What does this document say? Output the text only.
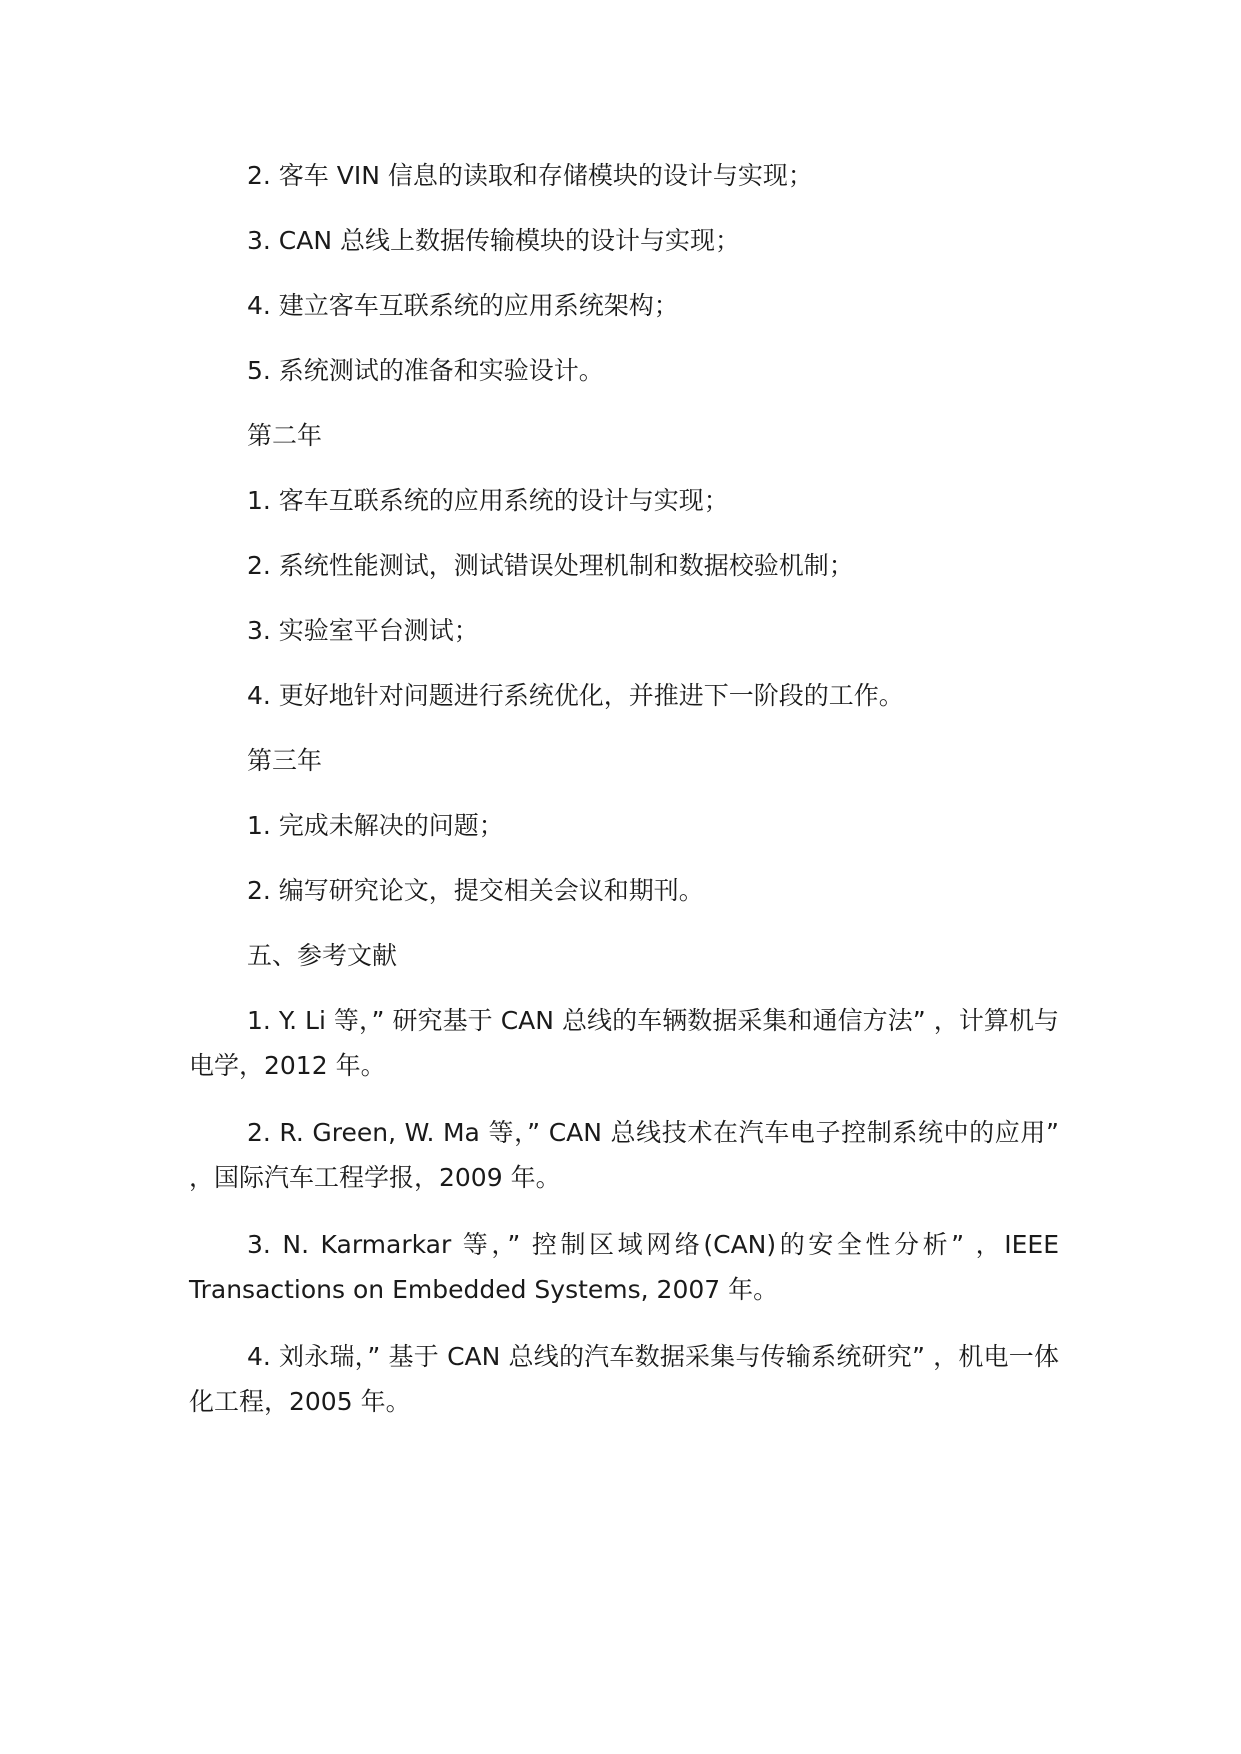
2. 客车 VIN 信息的读取和存储模块的设计与实现；
3. CAN 总线上数据传输模块的设计与实现；
4. 建立客车互联系统的应用系统架构；
5. 系统测试的准备和实验设计。
第二年
1. 客车互联系统的应用系统的设计与实现；
2. 系统性能测试，测试错误处理机制和数据校验机制；
3. 实验室平台测试；
4. 更好地针对问题进行系统优化，并推进下一阶段的工作。
第三年
1. 完成未解决的问题；
2. 编写研究论文，提交相关会议和期刊。
五、参考文献
1. Y. Li 等，” 研究基于 CAN 总线的车辆数据采集和通信方法” ，计算机与电学，2012 年。
2. R. Green, W. Ma 等，” CAN 总线技术在汽车电子控制系统中的应用” ，国际汽车工程学报，2009 年。
3. N. Karmarkar 等，” 控制区域网络(CAN)的安全性分析” ，IEEE Transactions on Embedded Systems, 2007 年。
4. 刘永瑞，” 基于 CAN 总线的汽车数据采集与传输系统研究” ，机电一体化工程，2005 年。
